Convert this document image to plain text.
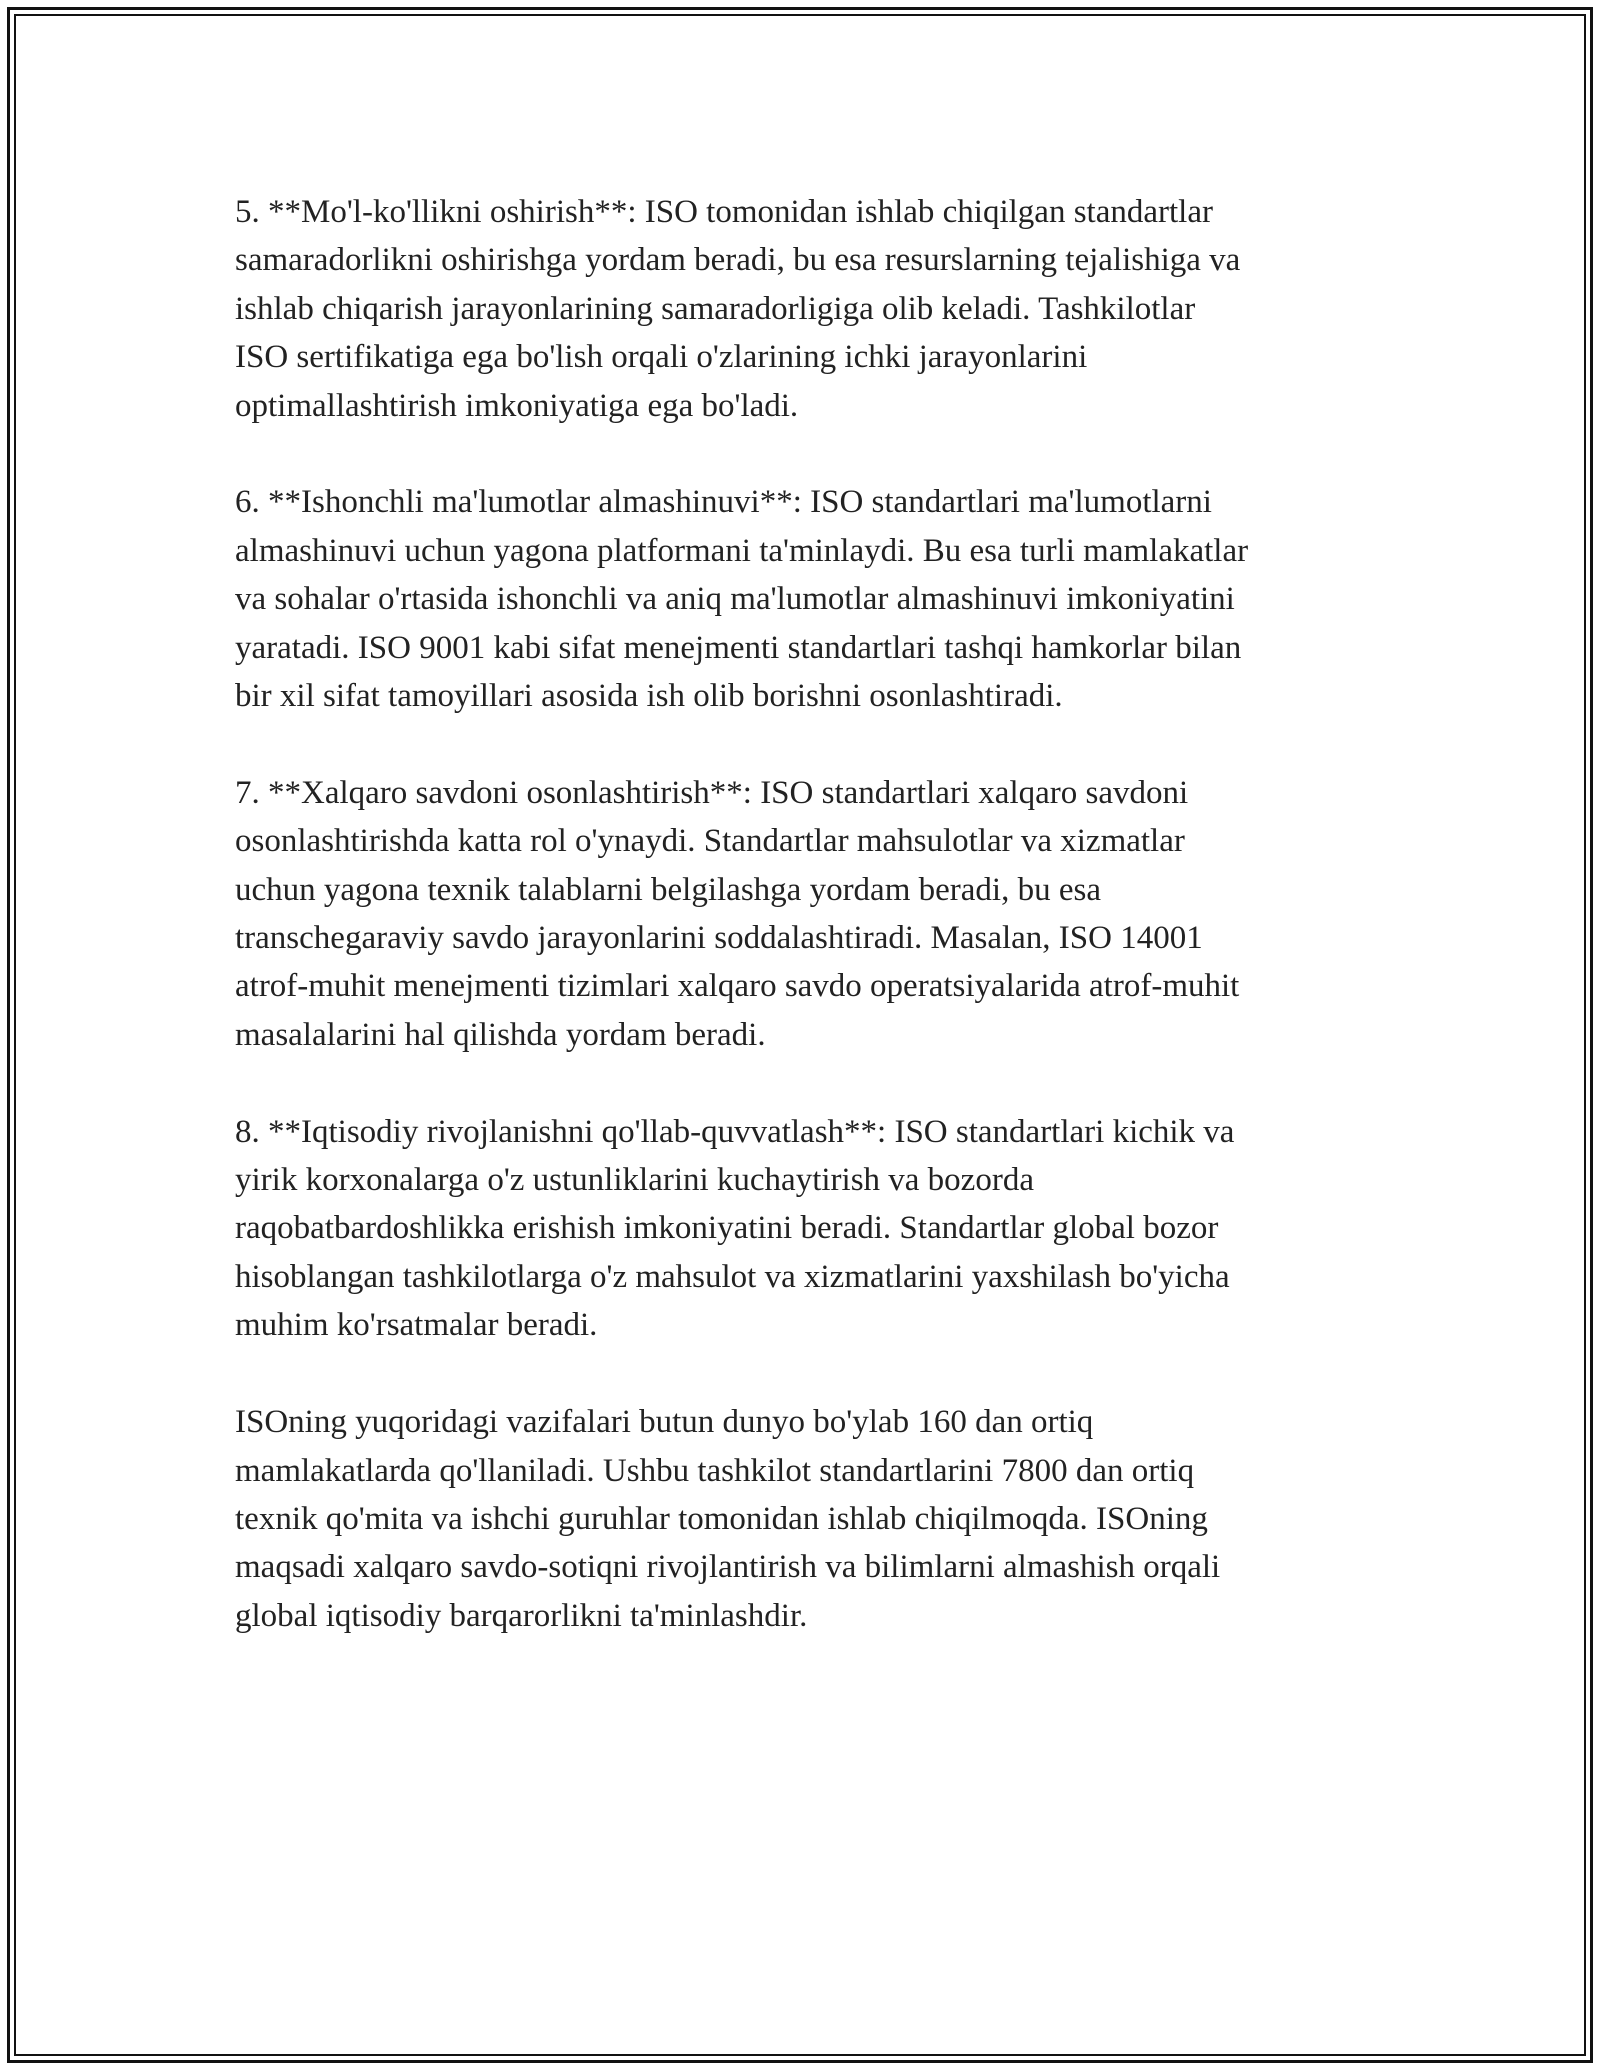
5. **Mo'l-ko'llikni oshirish**: ISO tomonidan ishlab chiqilgan standartlar
samaradorlikni oshirishga yordam beradi, bu esa resurslarning tejalishiga va
ishlab chiqarish jarayonlarining samaradorligiga olib keladi. Tashkilotlar
ISO sertifikatiga ega bo'lish orqali o'zlarining ichki jarayonlarini
optimallashtirish imkoniyatiga ega bo'ladi.

6. **Ishonchli ma'lumotlar almashinuvi**: ISO standartlari ma'lumotlarni
almashinuvi uchun yagona platformani ta'minlaydi. Bu esa turli mamlakatlar
va sohalar o'rtasida ishonchli va aniq ma'lumotlar almashinuvi imkoniyatini
yaratadi. ISO 9001 kabi sifat menejmenti standartlari tashqi hamkorlar bilan
bir xil sifat tamoyillari asosida ish olib borishni osonlashtiradi.

7. **Xalqaro savdoni osonlashtirish**: ISO standartlari xalqaro savdoni
osonlashtirishda katta rol o'ynaydi. Standartlar mahsulotlar va xizmatlar
uchun yagona texnik talablarni belgilashga yordam beradi, bu esa
transchegaraviy savdo jarayonlarini soddalashtiradi. Masalan, ISO 14001
atrof-muhit menejmenti tizimlari xalqaro savdo operatsiyalarida atrof-muhit
masalalarini hal qilishda yordam beradi.

8. **Iqtisodiy rivojlanishni qo'llab-quvvatlash**: ISO standartlari kichik va
yirik korxonalarga o'z ustunliklarini kuchaytirish va bozorda
raqobatbardoshlikka erishish imkoniyatini beradi. Standartlar global bozor
hisoblangan tashkilotlarga o'z mahsulot va xizmatlarini yaxshilash bo'yicha
muhim ko'rsatmalar beradi.

ISOning yuqoridagi vazifalari butun dunyo bo'ylab 160 dan ortiq
mamlakatlarda qo'llaniladi. Ushbu tashkilot standartlarini 7800 dan ortiq
texnik qo'mita va ishchi guruhlar tomonidan ishlab chiqilmoqda. ISOning
maqsadi xalqaro savdo-sotiqni rivojlantirish va bilimlarni almashish orqali
global iqtisodiy barqarorlikni ta'minlashdir.
